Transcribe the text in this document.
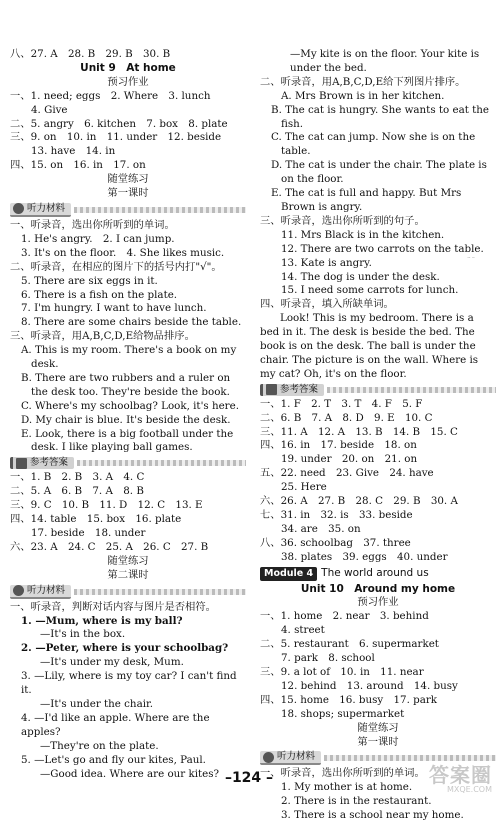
八、27. A　28. B　29. B　30. B
Unit 9　At home
预习作业
一、1. need; eggs　2. Where　3. lunch
4. Give
二、5. angry　6. kitchen　7. box　8. plate
三、9. on　10. in　11. under　12. beside
13. have　14. in
四、15. on　16. in　17. on
随堂练习
第一课时
听力材料
一、听录音，选出你所听到的单词。
1. He's angry.　2. I can jump.
3. It's on the floor.　4. She likes music.
二、听录音，在相应的图片下的括号内打"√"。
5. There are six eggs in it.
6. There is a fish on the plate.
7. I'm hungry. I want to have lunch.
8. There are some chairs beside the table.
三、听录音，用A,B,C,D,E给物品排序。
A. This is my room. There's a book on my desk.
B. There are two rubbers and a ruler on the desk too. They're beside the book.
C. Where's my schoolbag? Look, it's here.
D. My chair is blue. It's beside the desk.
E. Look, there is a big football under the desk. I like playing ball games.
参考答案
一、1. B　2. B　3. A　4. C
二、5. A　6. B　7. A　8. B
三、9. C　10. B　11. D　12. C　13. E
四、14. table　15. box　16. plate
17. beside　18. under
六、23. A　24. C　25. A　26. C　27. B
随堂练习
第二课时
听力材料
一、听录音，判断对话内容与图片是否相符。
1. —Mum, where is my ball?
—It's in the box.
2. —Peter, where is your schoolbag?
—It's under my desk, Mum.
3. —Lily, where is my toy car? I can't find it.
—It's under the chair.
4. —I'd like an apple. Where are the apples?
—They're on the plate.
5. —Let's go and fly our kites, Paul.
—Good idea. Where are our kites?
—My kite is on the floor. Your kite is under the bed.
二、听录音，用A,B,C,D,E给下列图片排序。
A. Mrs Brown is in her kitchen.
B. The cat is hungry. She wants to eat the fish.
C. The cat can jump. Now she is on the table.
D. The cat is under the chair. The plate is on the floor.
E. The cat is full and happy. But Mrs Brown is angry.
三、听录音，选出你所听到的句子。
11. Mrs Black is in the kitchen.
12. There are two carrots on the table.
13. Kate is angry.
14. The dog is under the desk.
15. I need some carrots for lunch.
四、听录音，填入所缺单词。
Look! This is my bedroom. There is a bed in it. The desk is beside the bed. The book is on the desk. The ball is under the chair. The picture is on the wall. Where is my cat? Oh, it's on the floor.
参考答案
一、1. F　2. T　3. T　4. F　5. F
二、6. B　7. A　8. D　9. E　10. C
三、11. A　12. A　13. B　14. B　15. C
四、16. in　17. beside　18. on
19. under　20. on　21. on
五、22. need　23. Give　24. have
25. Here
六、26. A　27. B　28. C　29. B　30. A
七、31. in　32. is　33. beside
34. are　35. on
八、36. schoolbag　37. three
38. plates　39. eggs　40. under
Module 4 The world around us
Unit 10　Around my home
预习作业
一、1. home　2. near　3. behind
4. street
二、5. restaurant　6. supermarket
7. park　8. school
三、9. a lot of　10. in　11. near
12. behind　13. around　14. busy
四、15. home　16. busy　17. park
18. shops; supermarket
随堂练习
第一课时
听力材料
一、听录音，选出你所听到的单词。
1. My mother is at home.
2. There is in the restaurant.
3. There is a school near my home.
–124 –	答案圈
MXQE.COM
